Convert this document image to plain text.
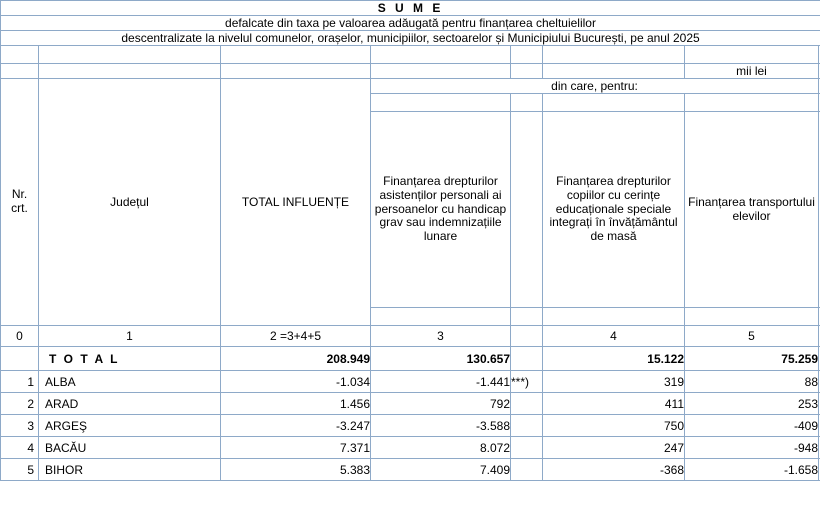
S U M E							
defalcate din taxa pe valoarea adăugată pentru finanțarea cheltuielilor							
descentralizate la nivelul comunelor, orașelor, municipiilor, sectoarelor și Municipiului București, pe anul 2025							

						mii lei	

Nr.
crt.	Județul	TOTAL INFLUENȚE	din care, pentru:				

			Finanțarea drepturilor asistenților personali ai persoanelor cu handicap grav sau indemnizațiile lunare		Finanțarea drepturilor copiilor cu cerințe educaționale speciale integrați în învățământul de masă	Finanțarea transportului elevilor	

0	1	2 =3+4+5	3		4	5	
	T O T A L	208.949	130.657		15.122	75.259	
1	ALBA	-1.034	-1.441	***)	319	88	
2	ARAD	1.456	792		411	253	
3	ARGEŞ	-3.247	-3.588		750	-409	
4	BACĂU	7.371	8.072		247	-948	
5	BIHOR	5.383	7.409		-368	-1.658	
